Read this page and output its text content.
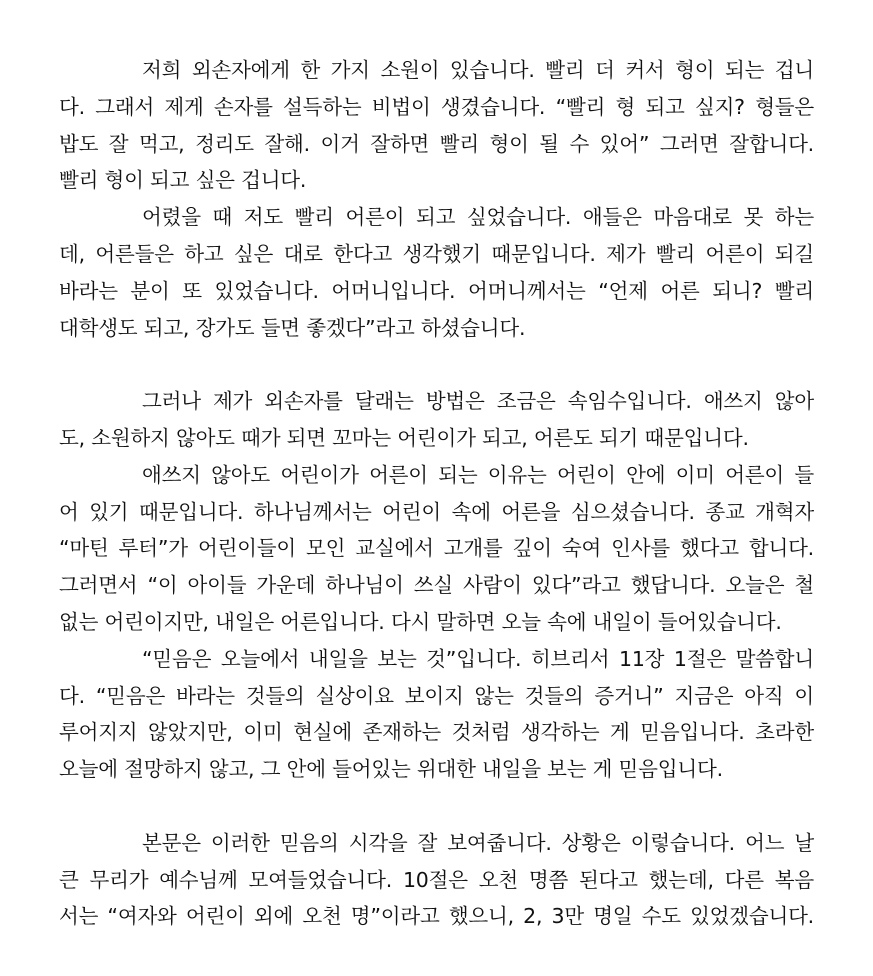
저희 외손자에게 한 가지 소원이 있습니다. 빨리 더 커서 형이 되는 겁니
다. 그래서 제게 손자를 설득하는 비법이 생겼습니다. “빨리 형 되고 싶지? 형들은
밥도 잘 먹고, 정리도 잘해. 이거 잘하면 빨리 형이 될 수 있어” 그러면 잘합니다.
빨리 형이 되고 싶은 겁니다.
어렸을 때 저도 빨리 어른이 되고 싶었습니다. 애들은 마음대로 못 하는
데, 어른들은 하고 싶은 대로 한다고 생각했기 때문입니다. 제가 빨리 어른이 되길
바라는 분이 또 있었습니다. 어머니입니다. 어머니께서는 “언제 어른 되니? 빨리
대학생도 되고, 장가도 들면 좋겠다”라고 하셨습니다.
그러나 제가 외손자를 달래는 방법은 조금은 속임수입니다. 애쓰지 않아
도, 소원하지 않아도 때가 되면 꼬마는 어린이가 되고, 어른도 되기 때문입니다.
애쓰지 않아도 어린이가 어른이 되는 이유는 어린이 안에 이미 어른이 들
어 있기 때문입니다. 하나님께서는 어린이 속에 어른을 심으셨습니다. 종교 개혁자
“마틴 루터”가 어린이들이 모인 교실에서 고개를 깊이 숙여 인사를 했다고 합니다.
그러면서 “이 아이들 가운데 하나님이 쓰실 사람이 있다”라고 했답니다. 오늘은 철
없는 어린이지만, 내일은 어른입니다. 다시 말하면 오늘 속에 내일이 들어있습니다.
“믿음은 오늘에서 내일을 보는 것”입니다. 히브리서 11장 1절은 말씀합니
다. “믿음은 바라는 것들의 실상이요 보이지 않는 것들의 증거니” 지금은 아직 이
루어지지 않았지만, 이미 현실에 존재하는 것처럼 생각하는 게 믿음입니다. 초라한
오늘에 절망하지 않고, 그 안에 들어있는 위대한 내일을 보는 게 믿음입니다.
본문은 이러한 믿음의 시각을 잘 보여줍니다. 상황은 이렇습니다. 어느 날
큰 무리가 예수님께 모여들었습니다. 10절은 오천 명쯤 된다고 했는데, 다른 복음
서는 “여자와 어린이 외에 오천 명”이라고 했으니, 2, 3만 명일 수도 있었겠습니다.
